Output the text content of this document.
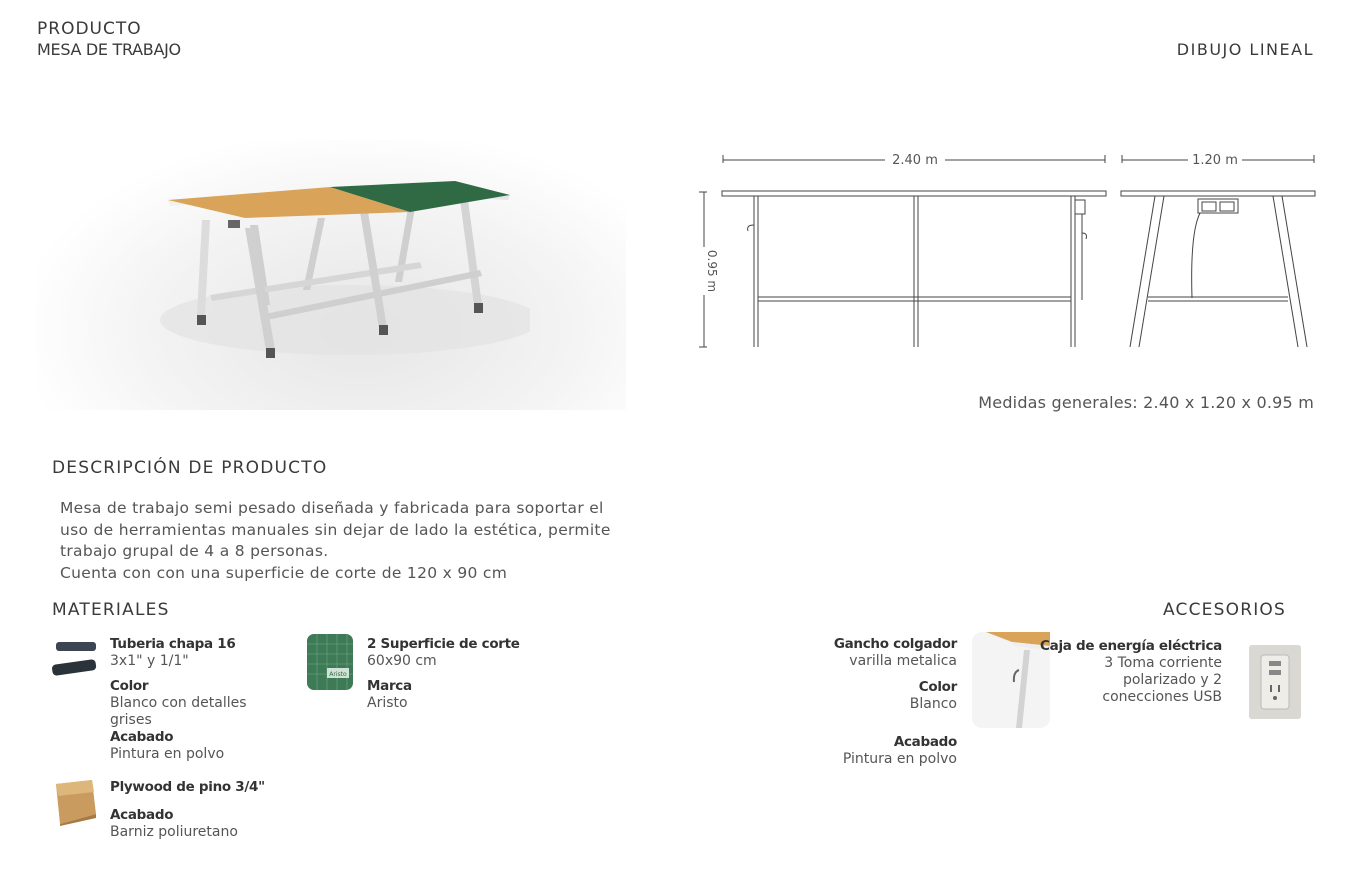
PRODUCTO
MESA DE TRABAJO	DIBUJO LINEAL
2.40 m	1.20 m
0.95 m
Medidas generales: 2.40 x 1.20 x 0.95 m
DESCRIPCIÓN DE PRODUCTO

Mesa de trabajo semi pesado diseñada y fabricada para soportar el

uso de herramientas manuales sin dejar de lado la estética, permite

trabajo grupal de 4 a 8 personas.

Cuenta con con una superficie de corte de 120 x 90 cm

MATERIALES
Tuberia chapa 16
3x1" y 1/1"
Color
Blanco con detalles
grises
Acabado
Pintura en polvo
Aristo
2 Superficie de corte
60x90 cm
Marca
Aristo
Plywood de pino 3/4"
Acabado
Barniz poliuretano
ACCESORIOS
Gancho colgador
varilla metalica
Color
Blanco
Acabado
Pintura en polvo
Caja de energía eléctrica
3 Toma corriente
polarizado y 2
conecciones USB
